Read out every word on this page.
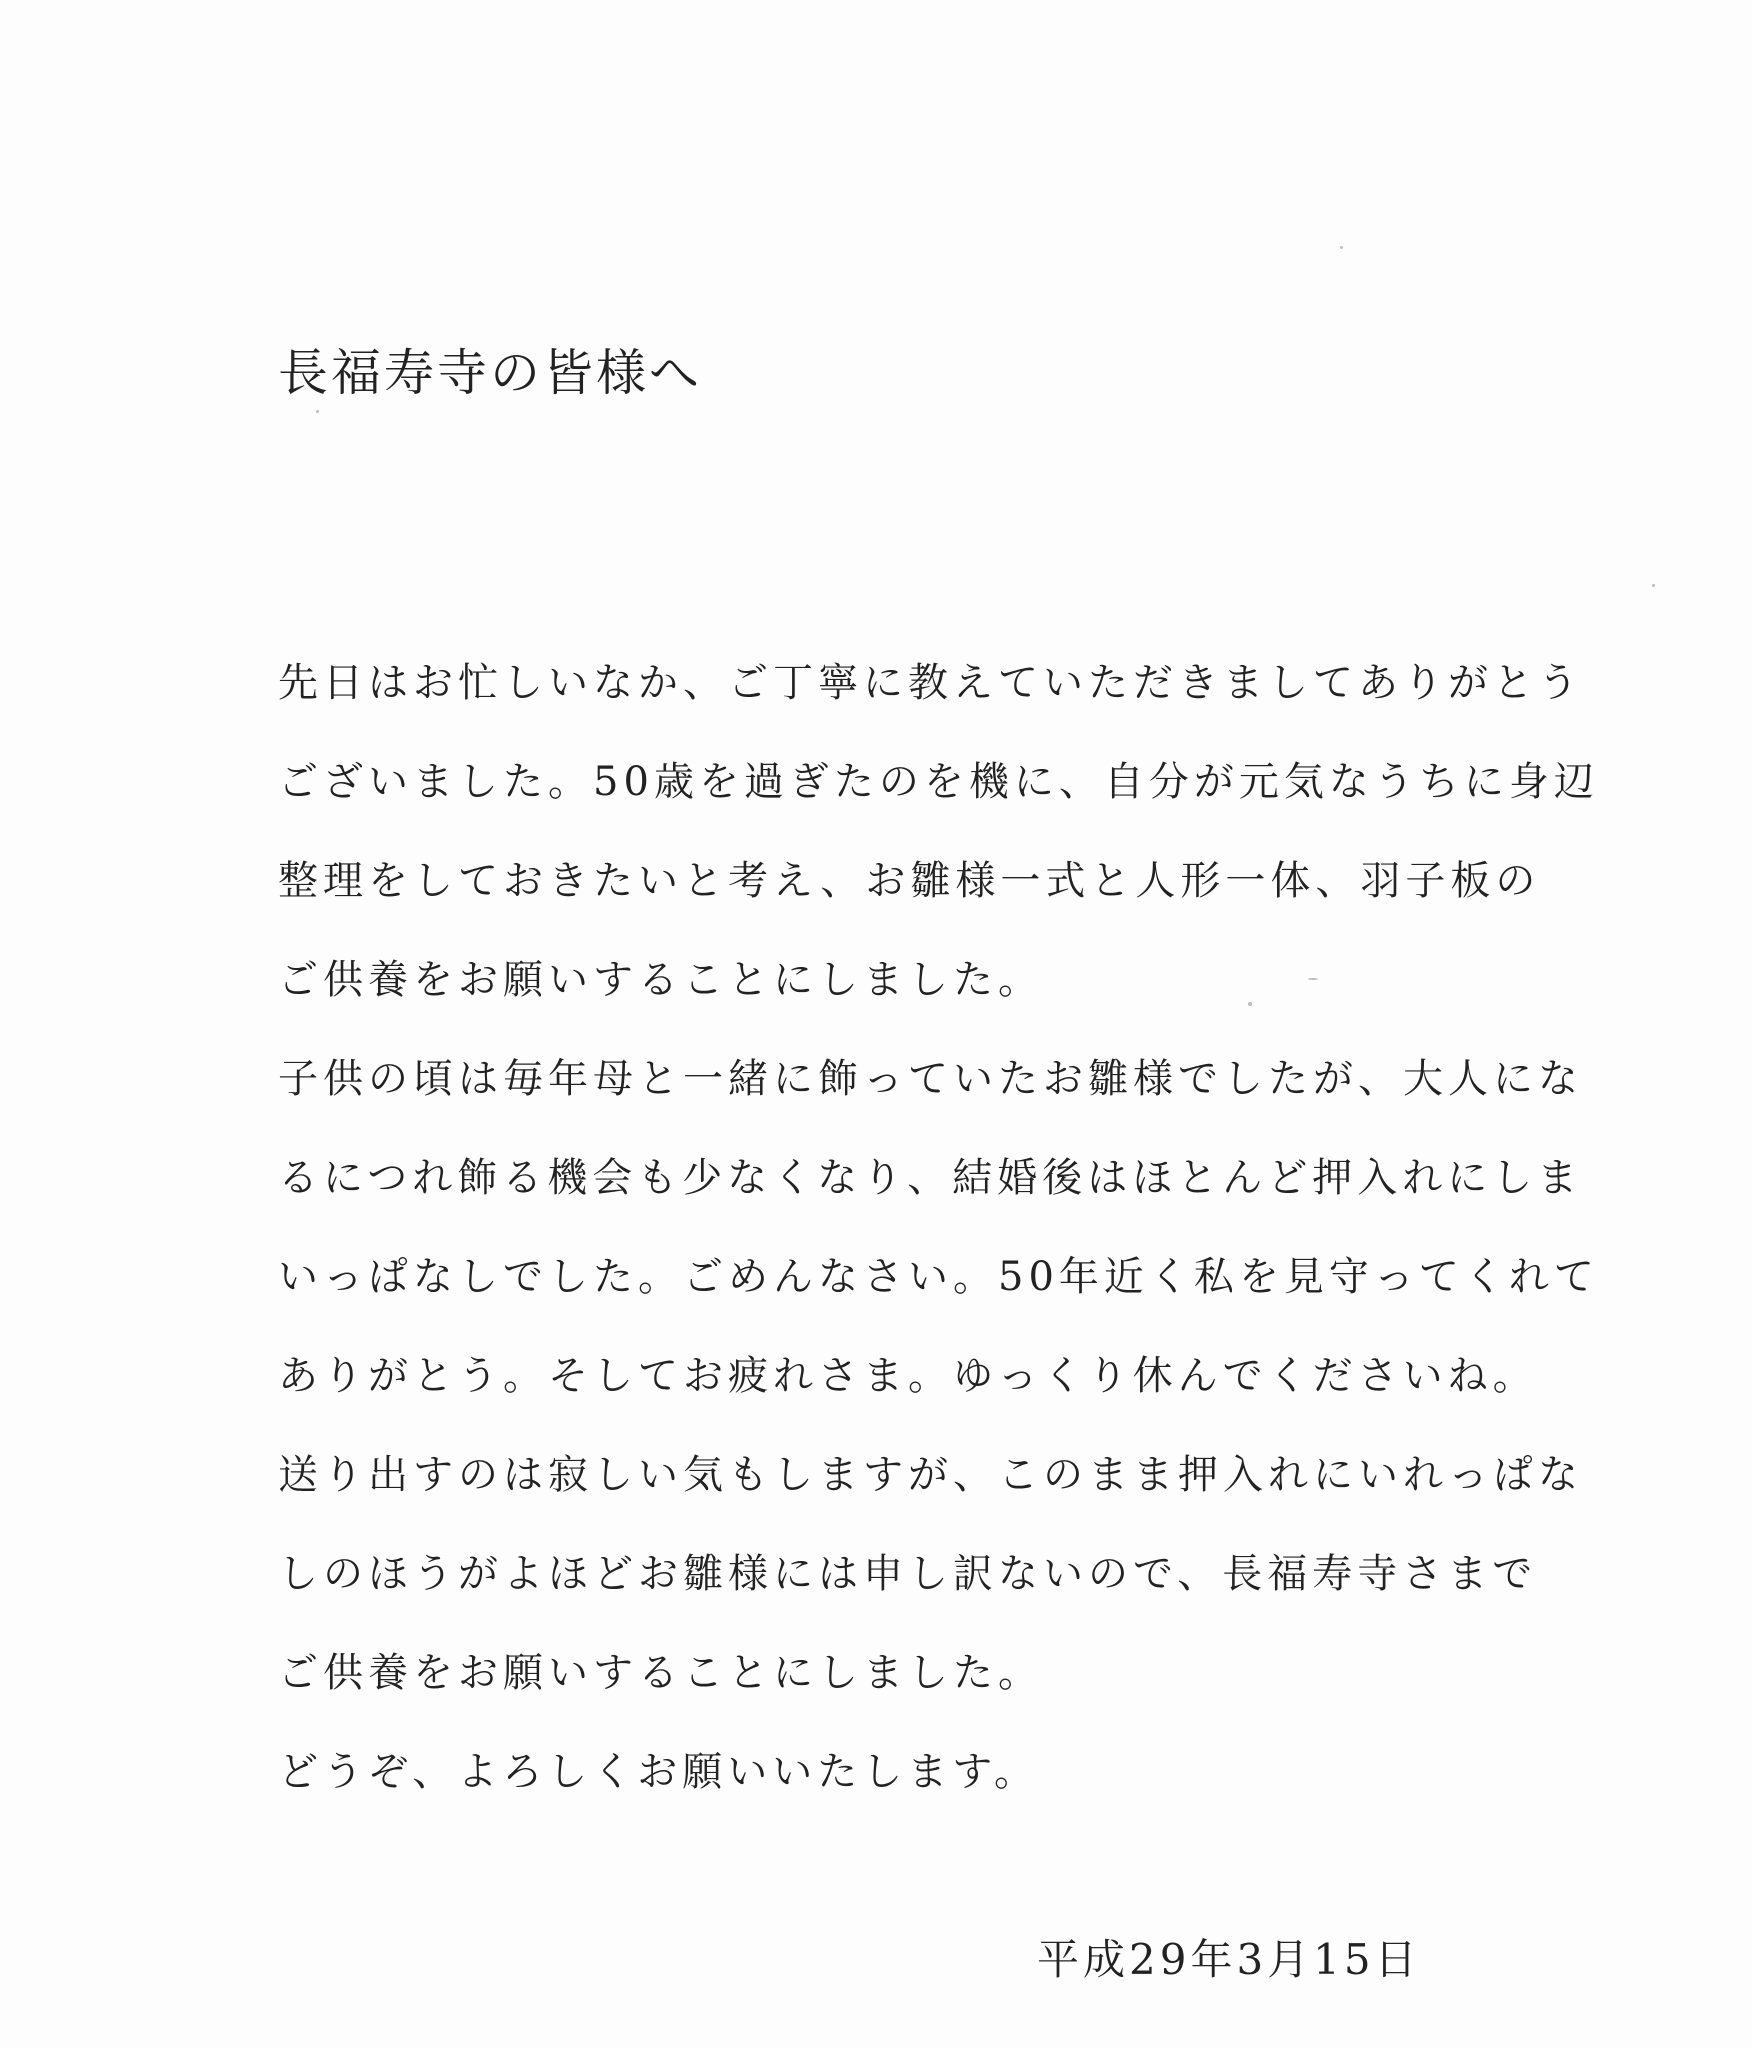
長福寿寺の皆様へ
先日はお忙しいなか、ご丁寧に教えていただきましてありがとう
ございました。50歳を過ぎたのを機に、自分が元気なうちに身辺
整理をしておきたいと考え、お雛様一式と人形一体、羽子板の
ご供養をお願いすることにしました。
子供の頃は毎年母と一緒に飾っていたお雛様でしたが、大人にな
るにつれ飾る機会も少なくなり、結婚後はほとんど押入れにしま
いっぱなしでした。ごめんなさい。50年近く私を見守ってくれて
ありがとう。そしてお疲れさま。ゆっくり休んでくださいね。
送り出すのは寂しい気もしますが、このまま押入れにいれっぱな
しのほうがよほどお雛様には申し訳ないので、長福寿寺さまで
ご供養をお願いすることにしました。
どうぞ、よろしくお願いいたします。
平成29年3月15日
